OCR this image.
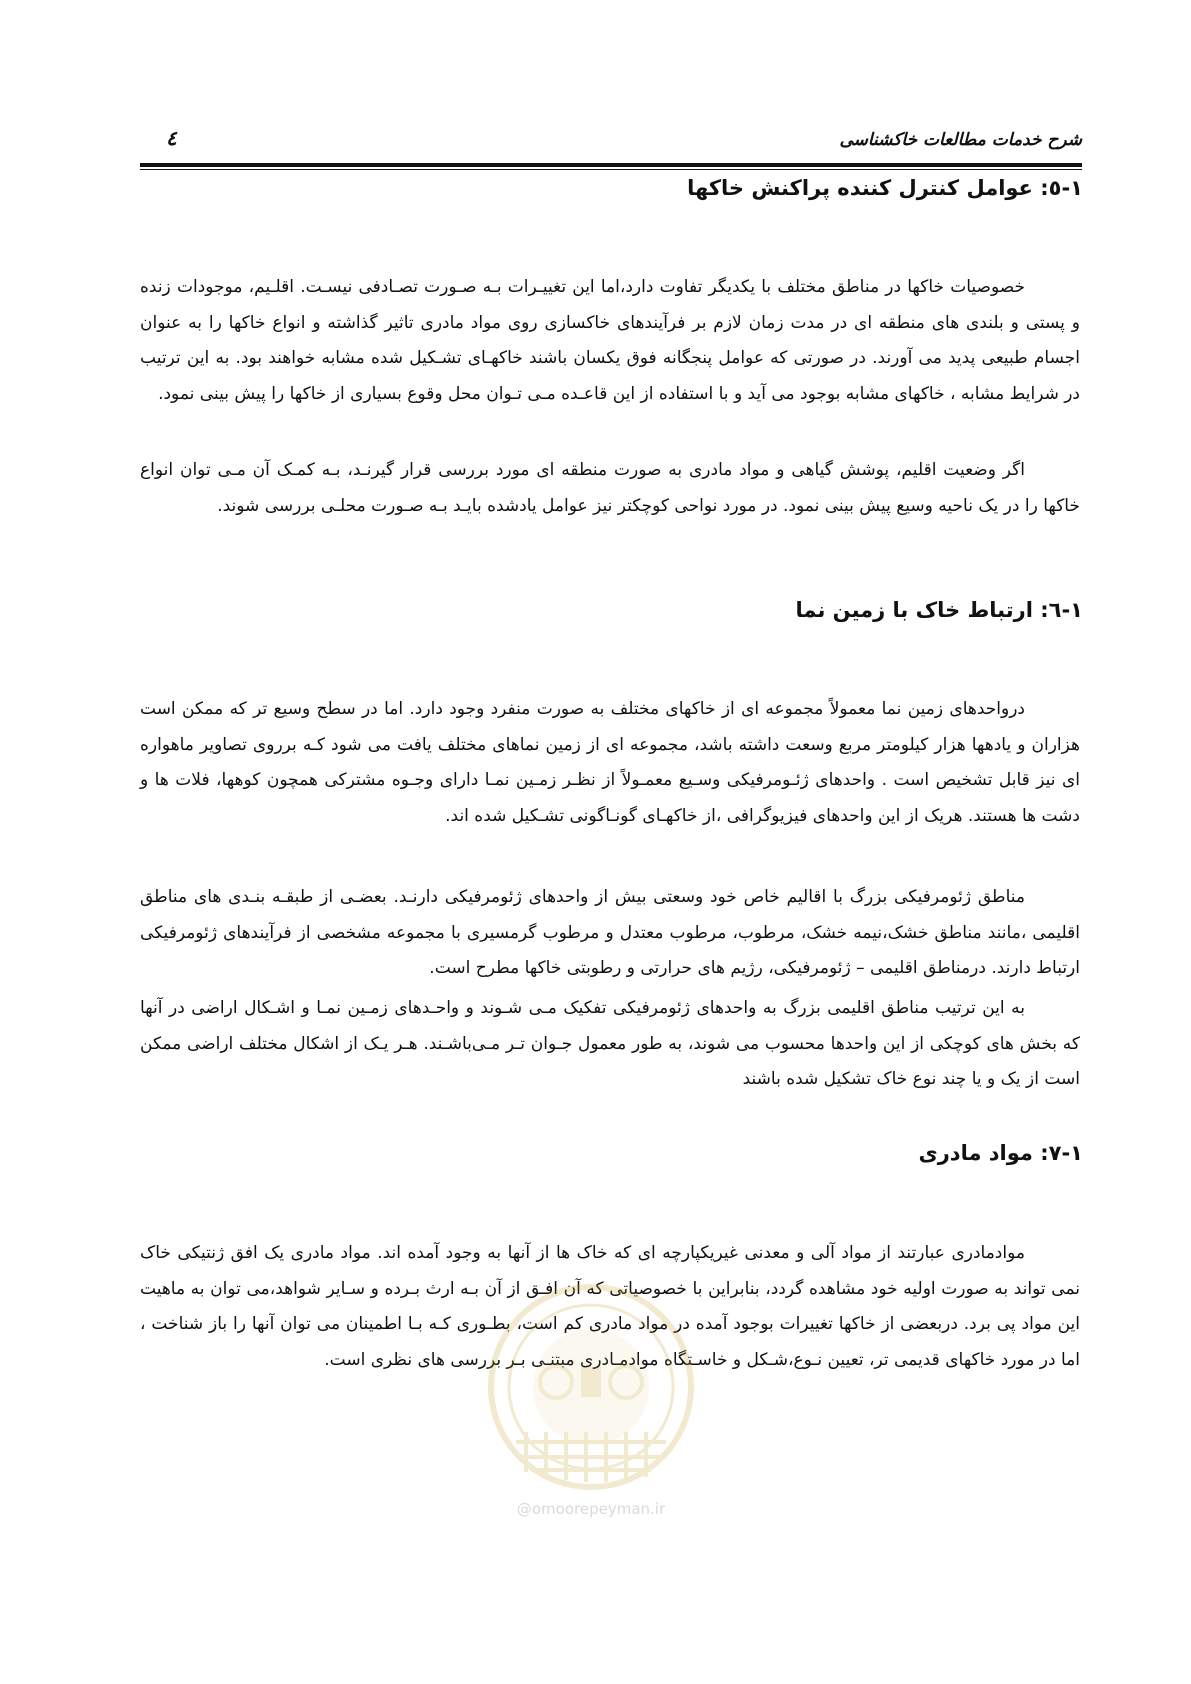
شرح خدمات مطالعات خاکشناسی
٤
١-٥: عوامل کنترل کننده پراکنش خاکها

خصوصیات خاکها در مناطق مختلف با یکدیگر تفاوت دارد،اما این تغییـرات بـه صـورت تصـادفی نیسـت. اقلـیم، موجودات زنده و پستی و بلندی های منطقه ای در مدت زمان لازم بر فرآیندهای خاکسازی روی مواد مادری تاثیر گذاشته و انواع خاکها را به عنوان اجسام طبیعی پدید می آورند. در صورتی که عوامل پنجگانه فوق یکسان باشند خاکهـای تشـکیل شده مشابه خواهند بود. به این ترتیب در شرایط مشابه ، خاکهای مشابه بوجود می آید و با استفاده از این قاعـده مـی تـوان محل وقوع بسیاری از خاکها را پیش بینی نمود.

اگر وضعیت اقلیم، پوشش گیاهی و مواد مادری به صورت منطقه ای مورد بررسی قرار گیرنـد، بـه کمـک آن مـی توان انواع خاکها را در یک ناحیه وسیع پیش بینی نمود. در مورد نواحی کوچکتر نیز عوامل یادشده بایـد بـه صـورت محلـی بررسی شوند.

١-٦: ارتباط خاک با زمین نما

درواحدهای زمین نما معمولاً مجموعه ای از خاکهای مختلف به صورت منفرد وجود دارد. اما در سطح وسیع تر که ممکن است هزاران و یادهها هزار کیلومتر مربع وسعت داشته باشد، مجموعه ای از زمین نماهای مختلف یافت می شود کـه برروی تصاویر ماهواره ای نیز قابل تشخیص است . واحدهای ژئـومرفیکی وسـیع معمـولاً از نظـر زمـین نمـا دارای وجـوه مشترکی همچون کوهها، فلات ها و دشت ها هستند. هریک از این واحدهای فیزیوگرافی ،از خاکهـای گونـاگونی تشـکیل شده اند.

مناطق ژئومرفیکی بزرگ با اقالیم خاص خود وسعتی بیش از واحدهای ژئومرفیکی دارنـد. بعضـی از طبقـه بنـدی های مناطق اقلیمی ،مانند مناطق خشک،نیمه خشک، مرطوب، مرطوب معتدل و مرطوب گرمسیری با مجموعه مشخصی از فرآیندهای ژئومرفیکی ارتباط دارند. درمناطق اقلیمی – ژئومرفیکی، رژیم های حرارتی و رطوبتی خاکها مطرح است.

به این ترتیب مناطق اقلیمی بزرگ به واحدهای ژئومرفیکی تفکیک مـی شـوند و واحـدهای زمـین نمـا و اشـکال اراضی در آنها که بخش های کوچکی از این واحدها محسوب می شوند، به طور معمول جـوان تـر مـی‌باشـند. هـر یـک از اشکال مختلف اراضی ممکن است از یک و یا چند نوع خاک تشکیل شده باشند

١-٧: مواد مادری

موادمادری عبارتند از مواد آلی و معدنی غیریکپارچه ای که خاک ها از آنها به وجود آمده اند. مواد مادری یک افق ژنتیکی خاک نمی تواند به صورت اولیه خود مشاهده گردد، بنابراین با خصوصیاتی که آن افـق از آن بـه ارث بـرده و سـایر شواهد،می توان به ماهیت این مواد پی برد. دربعضی از خاکها تغییرات بوجود آمده در مواد مادری کم است، بطـوری کـه بـا اطمینان می توان آنها را باز شناخت ، اما در مورد خاکهای قدیمی تر، تعیین نـوع،شـکل و خاسـتگاه موادمـادری مبتنـی بـر بررسی های نظری است.

@omoorepeyman.ir
